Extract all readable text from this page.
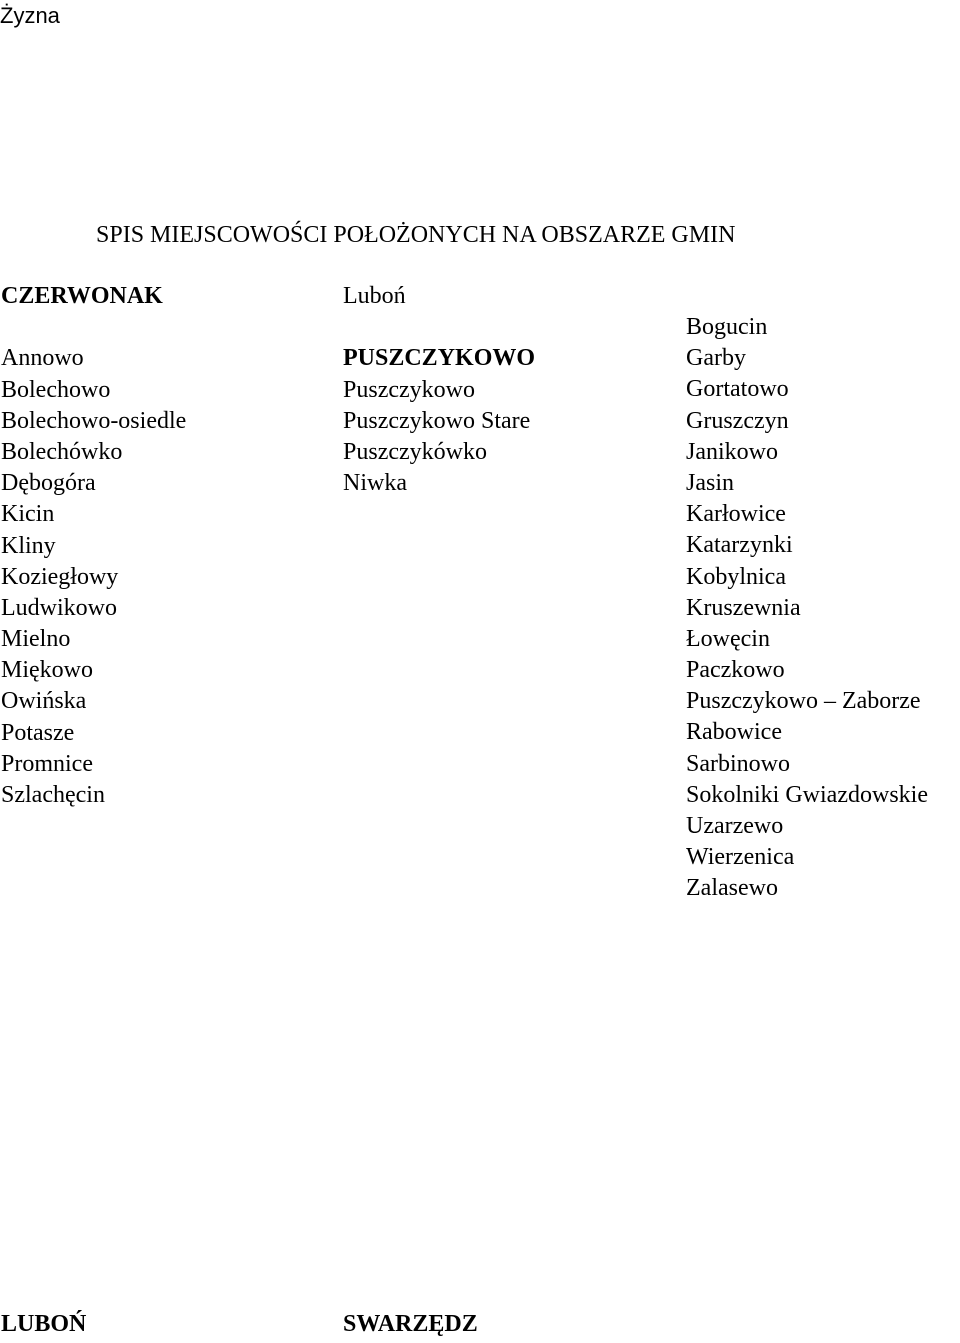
Żyzna
SPIS MIEJSCOWOŚCI POŁOŻONYCH NA OBSZARZE GMIN
CZERWONAK
Annowo
Bolechowo
Bolechowo-osiedle
Bolechówko
Dębogóra
Kicin
Kliny
Koziegłowy
Ludwikowo
Mielno
Miękowo
Owińska
Potasze
Promnice
Szlachęcin
Luboń
PUSZCZYKOWO
Puszczykowo
Puszczykowo Stare
Puszczykówko
Niwka
Bogucin
Garby
Gortatowo
Gruszczyn
Janikowo
Jasin
Karłowice
Katarzynki
Kobylnica
Kruszewnia
Łowęcin
Paczkowo
Puszczykowo – Zaborze
Rabowice
Sarbinowo
Sokolniki Gwiazdowskie
Uzarzewo
Wierzenica
Zalasewo
LUBOŃ	SWARZĘDZ
